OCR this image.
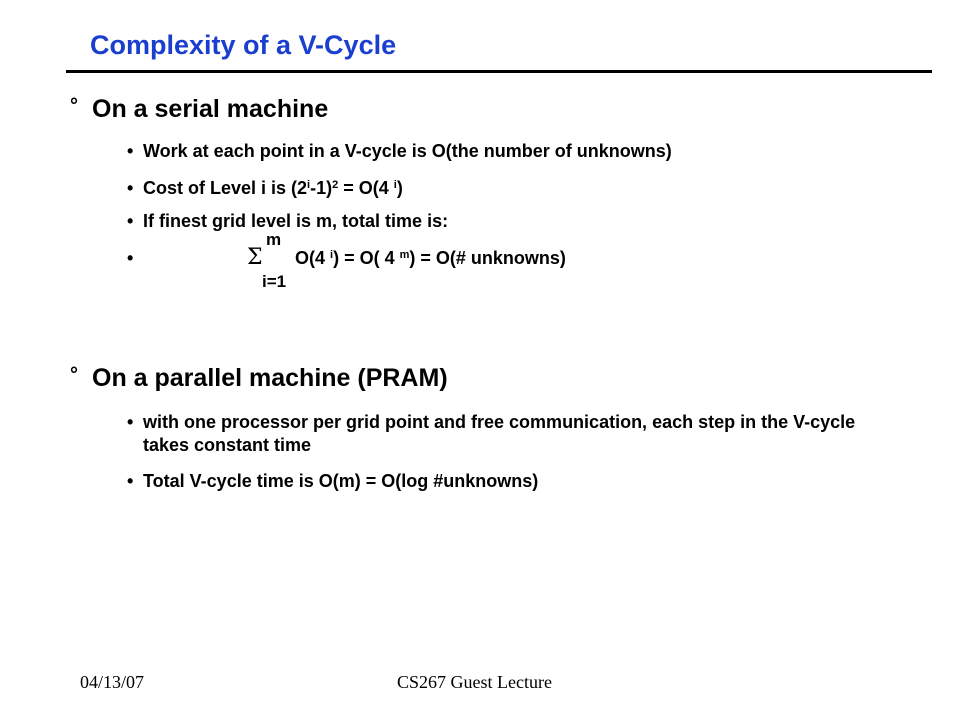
Complexity of a V-Cycle
° On a serial machine
• Work at each point in a V-cycle is O(the number of unknowns)
• Cost of Level i is $(2^i-1)^2 = O(4$ $^i$)
• If finest grid level is m, total time is:
m
Σ
i=1
•	O(4 $^i$) = O( 4 $^m$) = O(# unknowns)
° On a parallel machine (PRAM)
• with one processor per grid point and free communication, each step in the V-cycle takes constant time
• Total V-cycle time is O(m) = O(log #unknowns)
04/13/07	CS267 Guest Lecture
